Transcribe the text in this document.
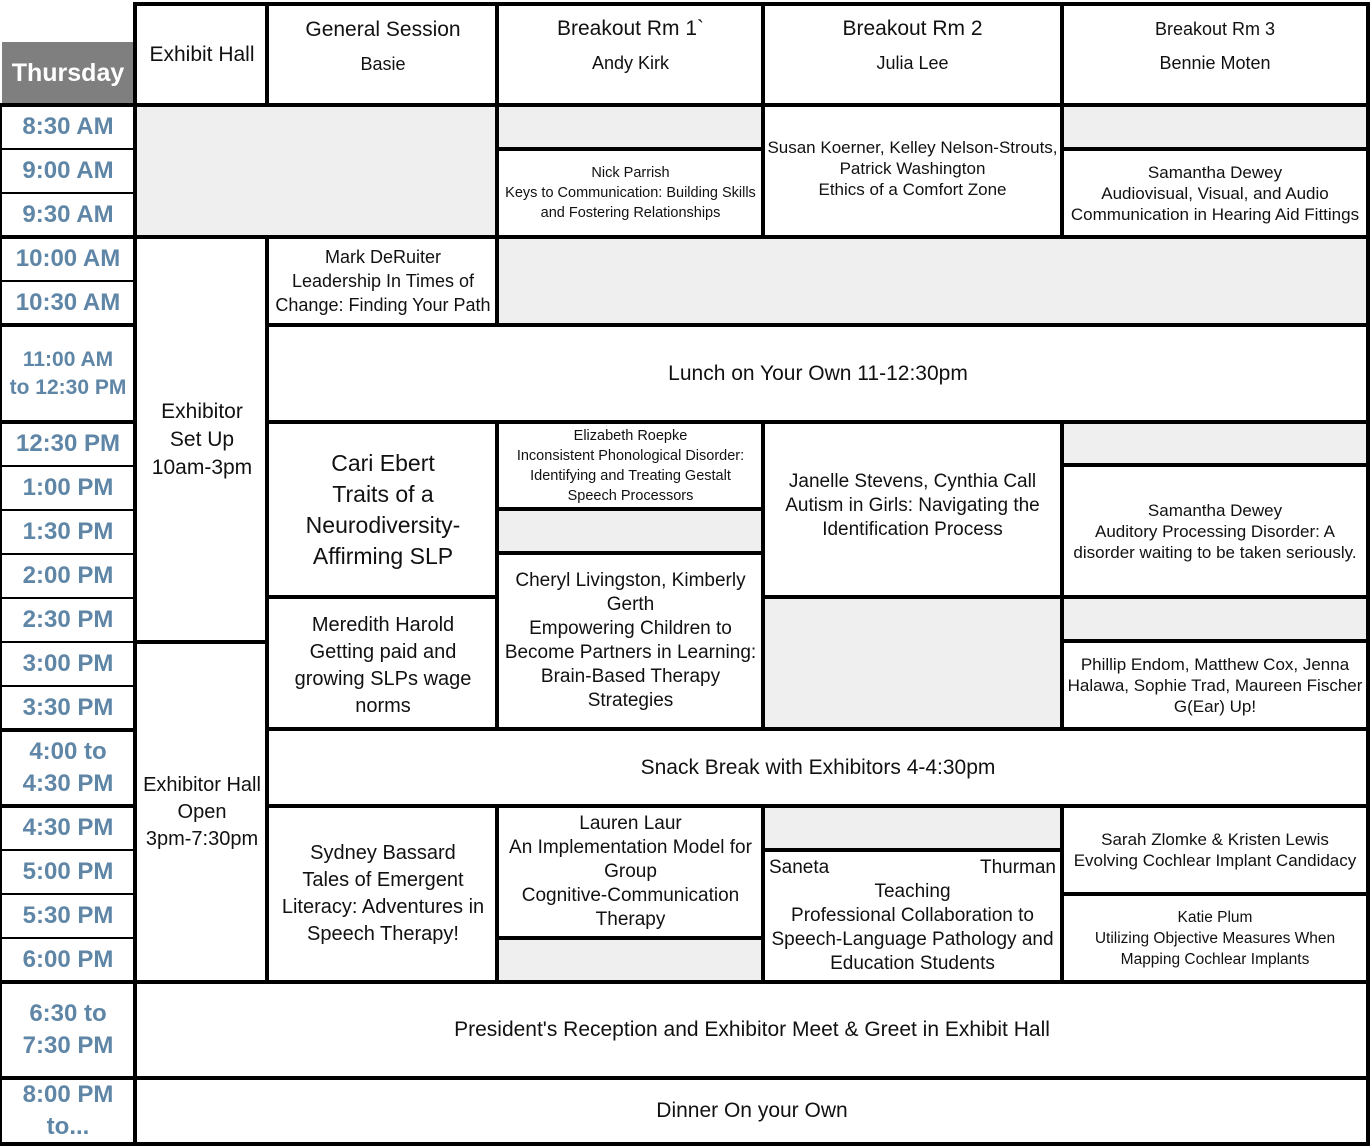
Thursday
Exhibit Hall
General Session
Basie
Breakout Rm 1`
Andy Kirk
Breakout Rm 2
Julia Lee
Breakout Rm 3
Bennie Moten
8:30 AM
9:00 AM
9:30 AM
10:00 AM
10:30 AM
11:00 AM
to 12:30 PM
12:30 PM
1:00 PM
1:30 PM
2:00 PM
2:30 PM
3:00 PM
3:30 PM
4:00 to
4:30 PM
4:30 PM
5:00 PM
5:30 PM
6:00 PM
6:30 to
7:30 PM
8:00 PM
to...
Exhibitor
Set Up
10am-3pm
Exhibitor Hall
Open
3pm-7:30pm
Nick Parrish
Keys to Communication: Building Skills
and Fostering Relationships
Susan Koerner, Kelley Nelson-Strouts,
Patrick Washington
Ethics of a Comfort Zone
Samantha Dewey
Audiovisual, Visual, and Audio
Communication in Hearing Aid Fittings
Mark DeRuiter
Leadership In Times of
Change: Finding Your Path
Lunch on Your Own 11-12:30pm
Cari Ebert
Traits of a
Neurodiversity-
Affirming SLP
Elizabeth Roepke
Inconsistent Phonological Disorder:
Identifying and Treating Gestalt
Speech Processors
Janelle Stevens, Cynthia Call
Autism in Girls: Navigating the
Identification Process
Samantha Dewey
Auditory Processing Disorder: A
disorder waiting to be taken seriously.
Cheryl Livingston, Kimberly
Gerth
Empowering Children to
Become Partners in Learning:
Brain-Based Therapy Strategies
Meredith Harold
Getting paid and
growing SLPs wage
norms
Phillip Endom, Matthew Cox, Jenna
Halawa, Sophie Trad, Maureen Fischer
G(Ear) Up!
Snack Break with Exhibitors 4-4:30pm
Sydney Bassard
Tales of Emergent
Literacy: Adventures in
Speech Therapy!
Lauren Laur
An Implementation Model for
Group
Cognitive-Communication
Therapy
Saneta Thurman Teaching
Professional Collaboration to
Speech-Language Pathology and
Education Students
Sarah Zlomke & Kristen Lewis
Evolving Cochlear Implant Candidacy
Katie Plum
Utilizing Objective Measures When
Mapping Cochlear Implants
President's Reception and Exhibitor Meet & Greet in Exhibit Hall
Dinner On your Own
